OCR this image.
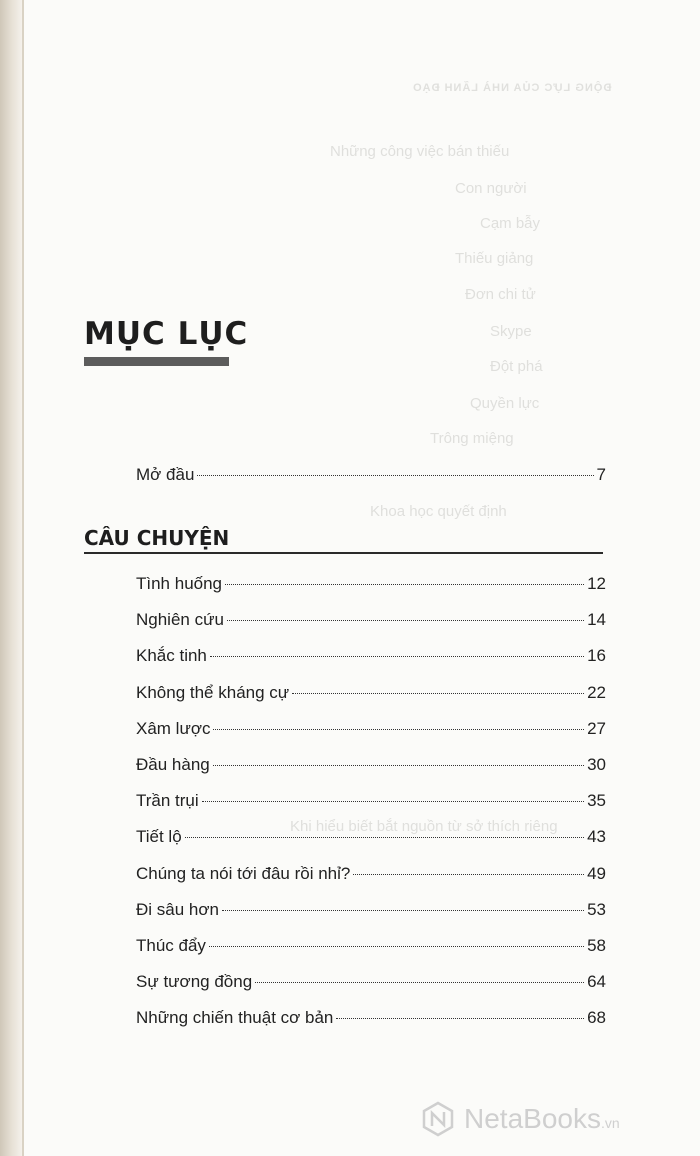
ĐỘNG LỰC CỦA NHÀ LÃNH ĐẠO
Những công việc bán thiếu
Con người
Cạm bẫy
Thiếu giảng
Đơn chi tử
Skype
Đột phá
Quyền lực
Trông miệng
Khoa học quyết định
Khi hiểu biết bắt nguồn từ sở thích riêng
MỤC LỤC
Mở đầu	7
CÂU CHUYỆN
NetaBooks.vn
Tình huống	12
Nghiên cứu	14
Khắc tinh	16
Không thể kháng cự	22
Xâm lược	27
Đầu hàng	30
Trần trụi	35
Tiết lộ	43
Chúng ta nói tới đâu rồi nhỉ?	49
Đi sâu hơn	53
Thúc đẩy	58
Sự tương đồng	64
Những chiến thuật cơ bản	68
